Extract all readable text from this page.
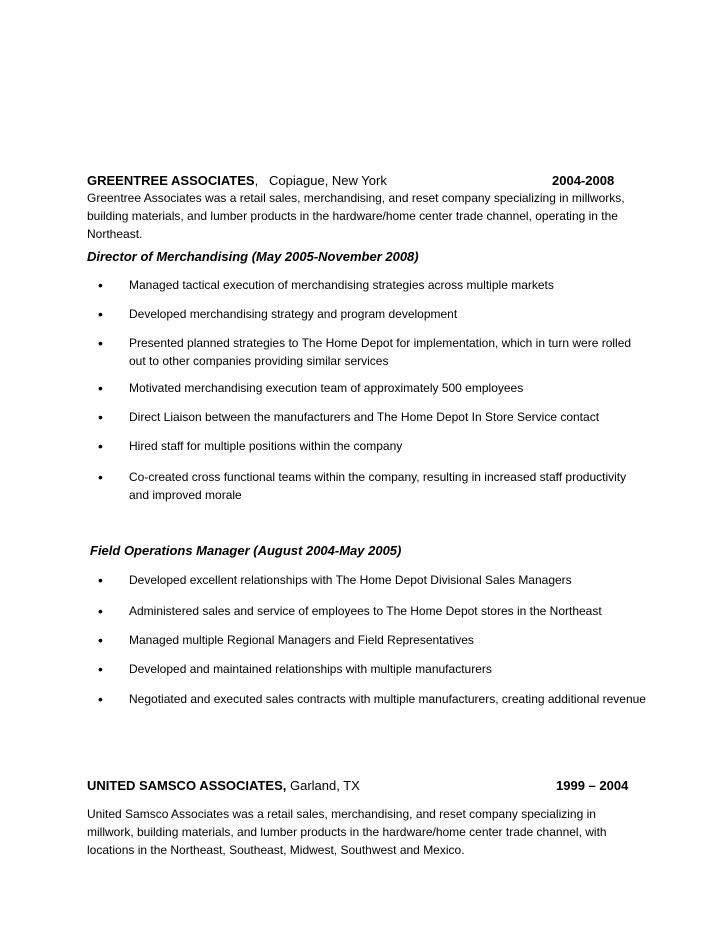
GREENTREE ASSOCIATES,   Copiague, New York	2004-2008
Greentree Associates was a retail sales, merchandising, and reset company specializing in millworks, building materials, and lumber products in the hardware/home center trade channel, operating in the Northeast.
Director of Merchandising (May 2005-November 2008)
• Managed tactical execution of merchandising strategies across multiple markets
• Developed merchandising strategy and program development
• Presented planned strategies to The Home Depot for implementation, which in turn were rolled out to other companies providing similar services
• Motivated merchandising execution team of approximately 500 employees
• Direct Liaison between the manufacturers and The Home Depot In Store Service contact
• Hired staff for multiple positions within the company
• Co-created cross functional teams within the company, resulting in increased staff productivity and improved morale
Field Operations Manager (August 2004-May 2005)
• Developed excellent relationships with The Home Depot Divisional Sales Managers
• Administered sales and service of employees to The Home Depot stores in the Northeast
• Managed multiple Regional Managers and Field Representatives
• Developed and maintained relationships with multiple manufacturers
• Negotiated and executed sales contracts with multiple manufacturers, creating additional revenue
UNITED SAMSCO ASSOCIATES, Garland, TX	1999 – 2004
United Samsco Associates was a retail sales, merchandising, and reset company specializing in millwork, building materials, and lumber products in the hardware/home center trade channel, with locations in the Northeast, Southeast, Midwest, Southwest and Mexico.
